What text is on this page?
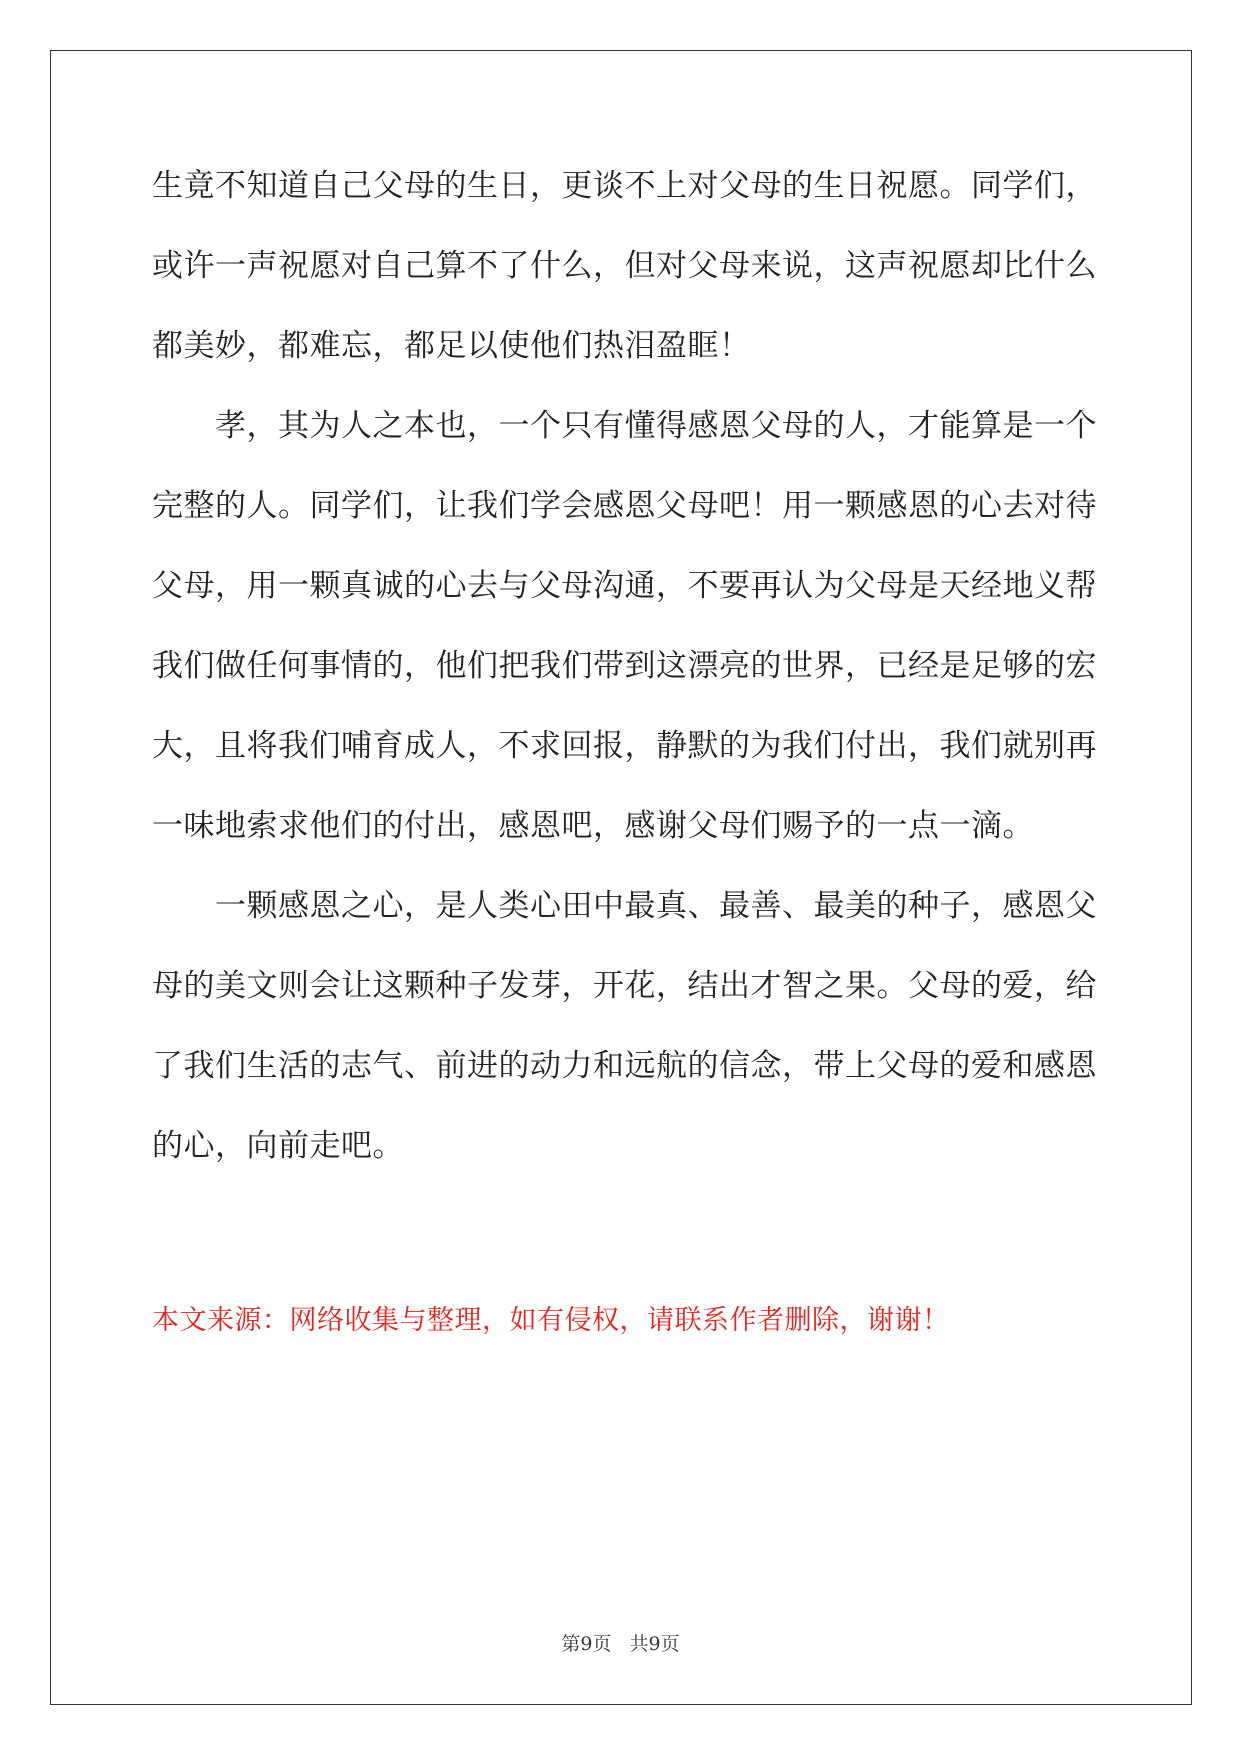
生竟不知道自己父母的生日，更谈不上对父母的生日祝愿。同学们，
或许一声祝愿对自己算不了什么，但对父母来说，这声祝愿却比什么
都美妙，都难忘，都足以使他们热泪盈眶！
　　孝，其为人之本也，一个只有懂得感恩父母的人，才能算是一个
完整的人。同学们，让我们学会感恩父母吧！用一颗感恩的心去对待
父母，用一颗真诚的心去与父母沟通，不要再认为父母是天经地义帮
我们做任何事情的，他们把我们带到这漂亮的世界，已经是足够的宏
大，且将我们哺育成人，不求回报，静默的为我们付出，我们就别再
一味地索求他们的付出，感恩吧，感谢父母们赐予的一点一滴。
　　一颗感恩之心，是人类心田中最真、最善、最美的种子，感恩父
母的美文则会让这颗种子发芽，开花，结出才智之果。父母的爱，给
了我们生活的志气、前进的动力和远航的信念，带上父母的爱和感恩
的心，向前走吧。
本文来源：网络收集与整理，如有侵权，请联系作者删除，谢谢！
第9页 共9页
